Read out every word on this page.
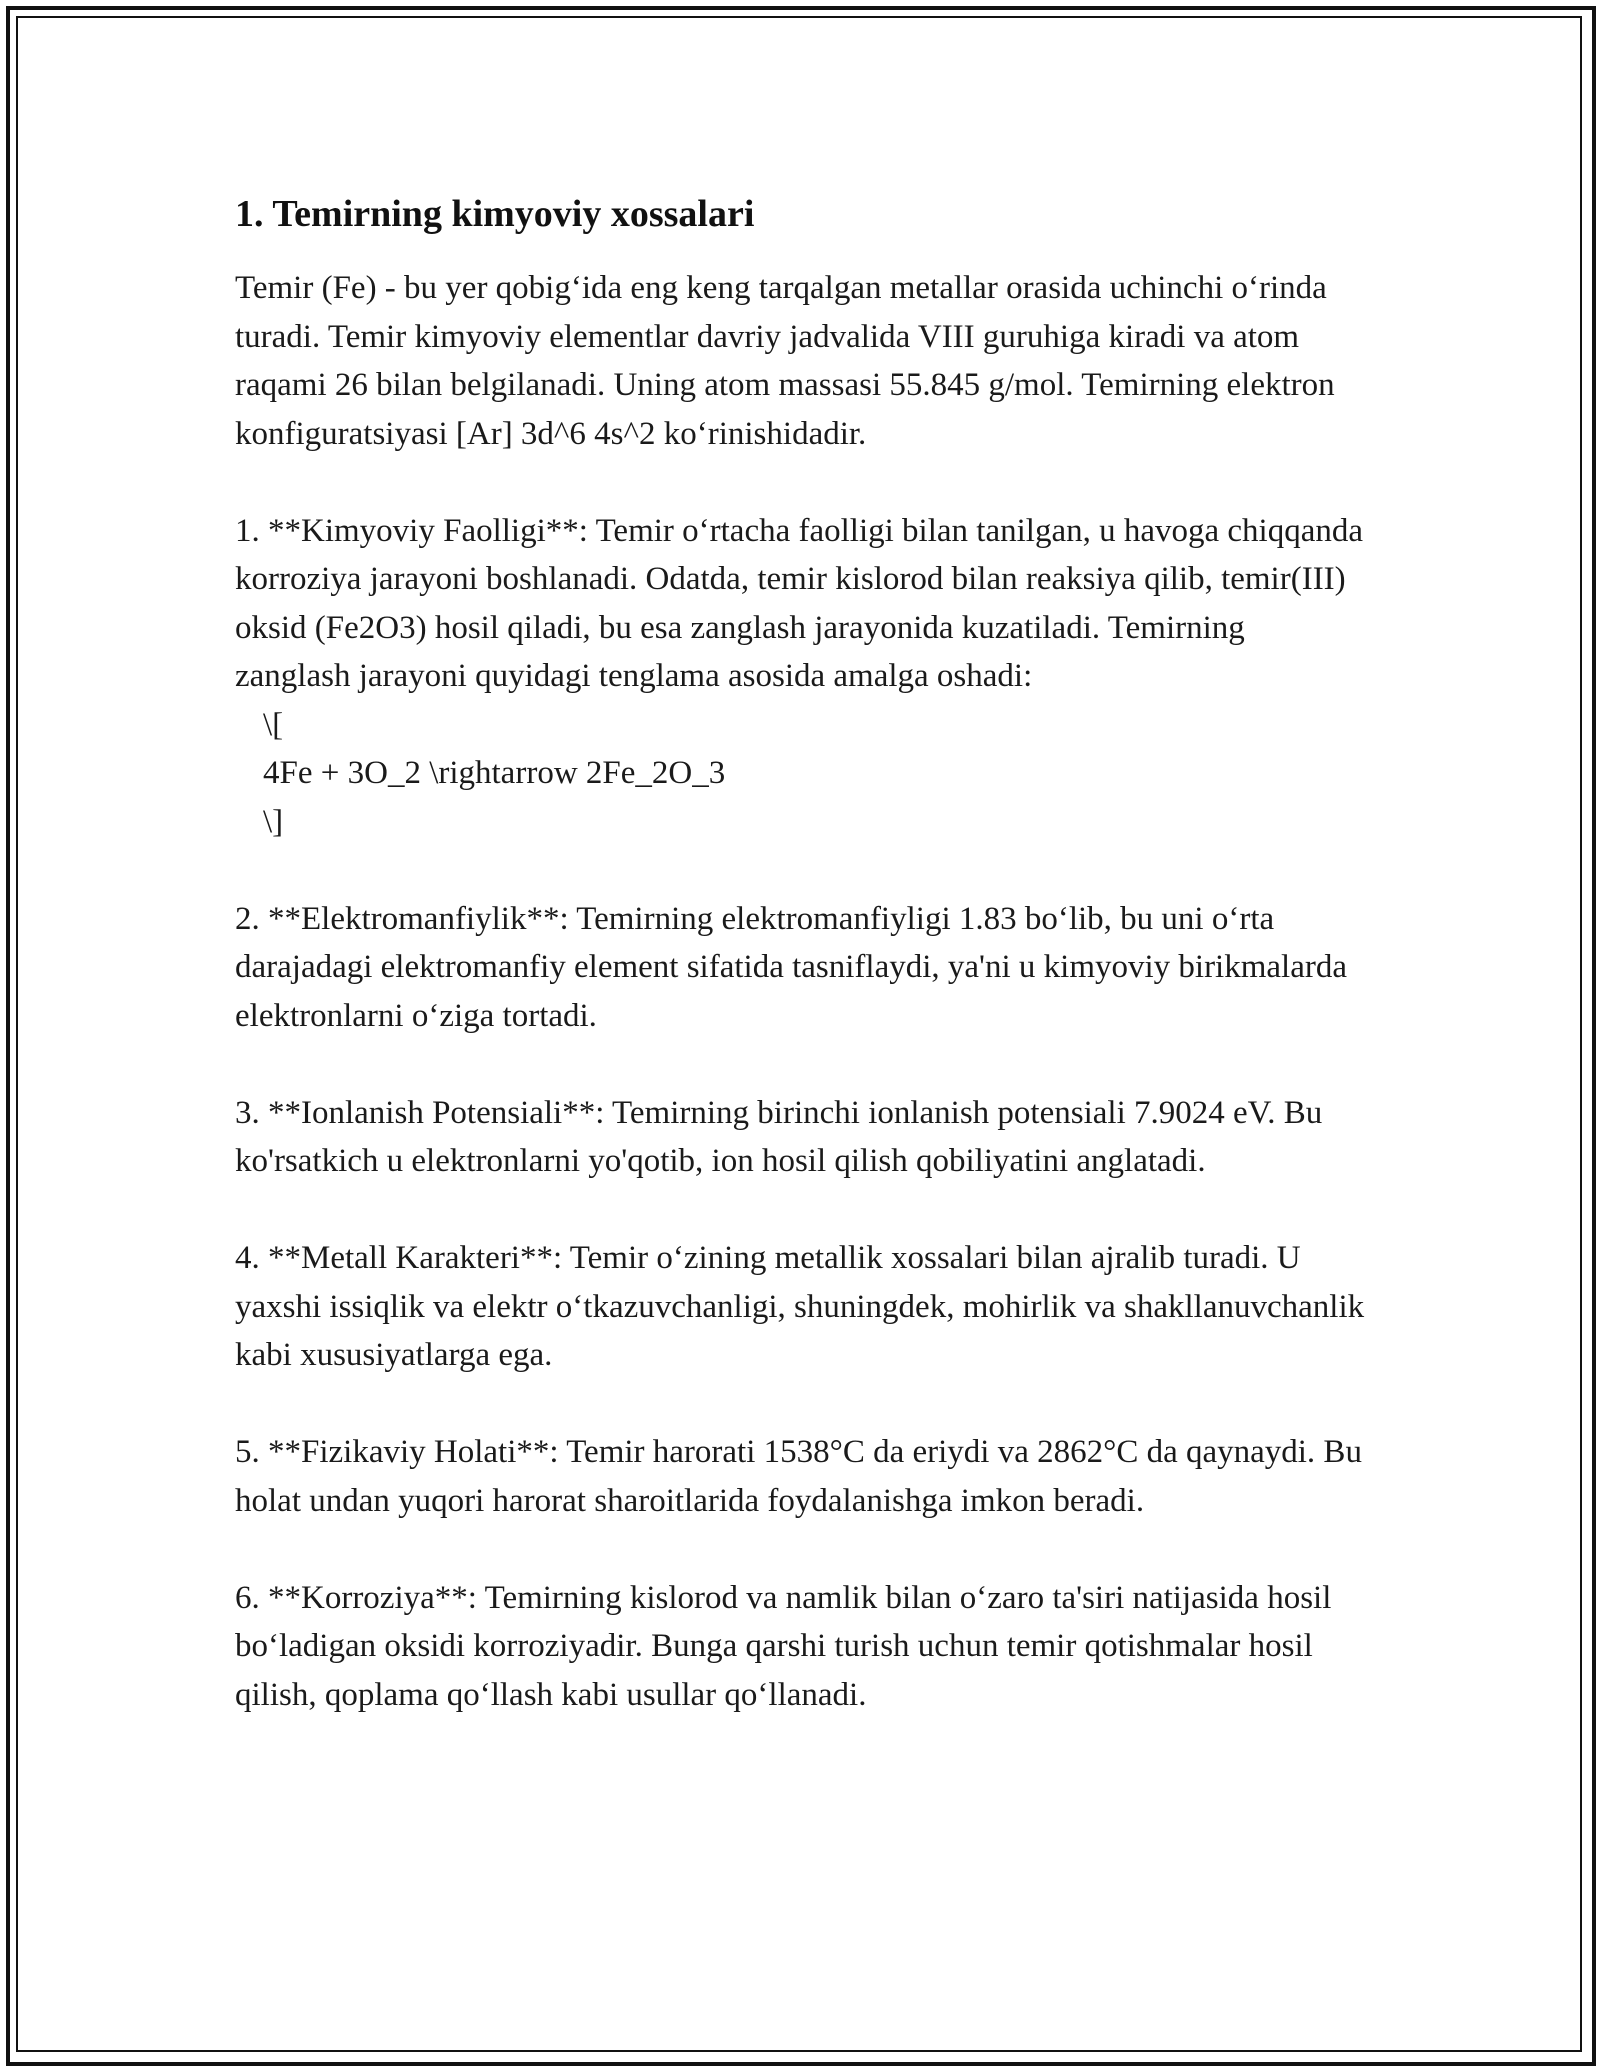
1. Temirning kimyoviy xossalari

Temir (Fe) - bu yer qobig‘ida eng keng tarqalgan metallar orasida uchinchi o‘rinda turadi. Temir kimyoviy elementlar davriy jadvalida VIII guruhiga kiradi va atom raqami 26 bilan belgilanadi. Uning atom massasi 55.845 g/mol. Temirning elektron konfiguratsiyasi [Ar] 3d^6 4s^2 ko‘rinishidadir.

1. **Kimyoviy Faolligi**: Temir o‘rtacha faolligi bilan tanilgan, u havoga chiqqanda korroziya jarayoni boshlanadi. Odatda, temir kislorod bilan reaksiya qilib, temir(III) oksid (Fe2O3) hosil qiladi, bu esa zanglash jarayonida kuzatiladi. Temirning zanglash jarayoni quyidagi tenglama asosida amalga oshadi:

\[

4Fe + 3O_2 \rightarrow 2Fe_2O_3

\]

2. **Elektromanfiylik**: Temirning elektromanfiyligi 1.83 bo‘lib, bu uni o‘rta darajadagi elektromanfiy element sifatida tasniflaydi, ya'ni u kimyoviy birikmalarda elektronlarni o‘ziga tortadi.

3. **Ionlanish Potensiali**: Temirning birinchi ionlanish potensiali 7.9024 eV. Bu ko'rsatkich u elektronlarni yo'qotib, ion hosil qilish qobiliyatini anglatadi.

4. **Metall Karakteri**: Temir o‘zining metallik xossalari bilan ajralib turadi. U yaxshi issiqlik va elektr o‘tkazuvchanligi, shuningdek, mohirlik va shakllanuvchanlik kabi xususiyatlarga ega.

5. **Fizikaviy Holati**: Temir harorati 1538°C da eriydi va 2862°C da qaynaydi. Bu holat undan yuqori harorat sharoitlarida foydalanishga imkon beradi.

6. **Korroziya**: Temirning kislorod va namlik bilan o‘zaro ta'siri natijasida hosil bo‘ladigan oksidi korroziyadir. Bunga qarshi turish uchun temir qotishmalar hosil qilish, qoplama qo‘llash kabi usullar qo‘llanadi.
